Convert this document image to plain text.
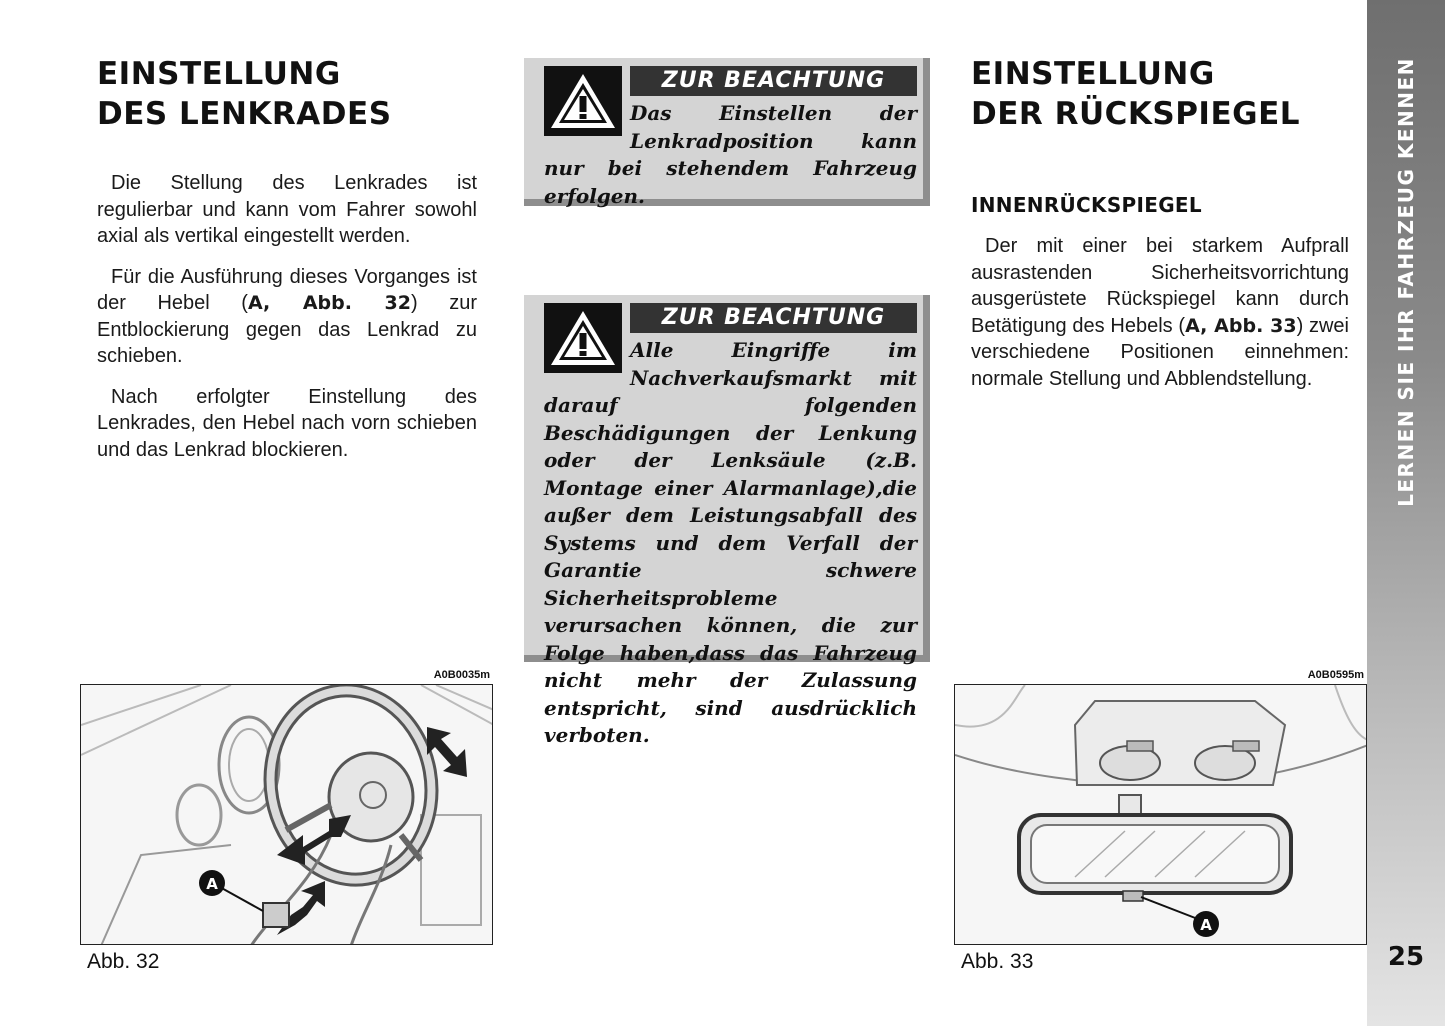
EINSTELLUNG
DES LENKRADES

Die Stellung des Lenkrades ist regulierbar und kann vom Fahrer sowohl axial als vertikal eingestellt werden.

Für die Ausführung dieses Vorganges ist der Hebel (A, Abb. 32) zur Entblockierung gegen das Lenkrad zu schieben.

Nach erfolgter Einstellung des Lenkrades, den Hebel nach vorn schieben und das Lenkrad blockieren.

ZUR BEACHTUNG
Das Einstellen der Lenkradposition kann nur bei stehendem Fahrzeug erfolgen.
ZUR BEACHTUNG
Alle Eingriffe im Nachverkaufsmarkt mit darauf folgenden Beschädigungen der Lenkung oder der Lenksäule (z.B. Montage einer Alarmanlage),die außer dem Leistungsabfall des Systems und dem Verfall der Garantie schwere Sicherheitsprobleme verursachen können, die zur Folge haben,dass das Fahrzeug nicht mehr der Zulassung entspricht, sind ausdrücklich verboten.
EINSTELLUNG
DER RÜCKSPIEGEL
INNENRÜCKSPIEGEL

Der mit einer bei starkem Aufprall ausrastenden Sicherheitsvorrichtung ausgerüstete Rückspiegel kann durch Betätigung des Hebels (A, Abb. 33) zwei verschiedene Positionen einnehmen: normale Stellung und Abblendstellung.

A0B0035m
A
Abb. 32
A0B0595m
A
Abb. 33
LERNEN SIE IHR FAHRZEUG KENNEN
25
